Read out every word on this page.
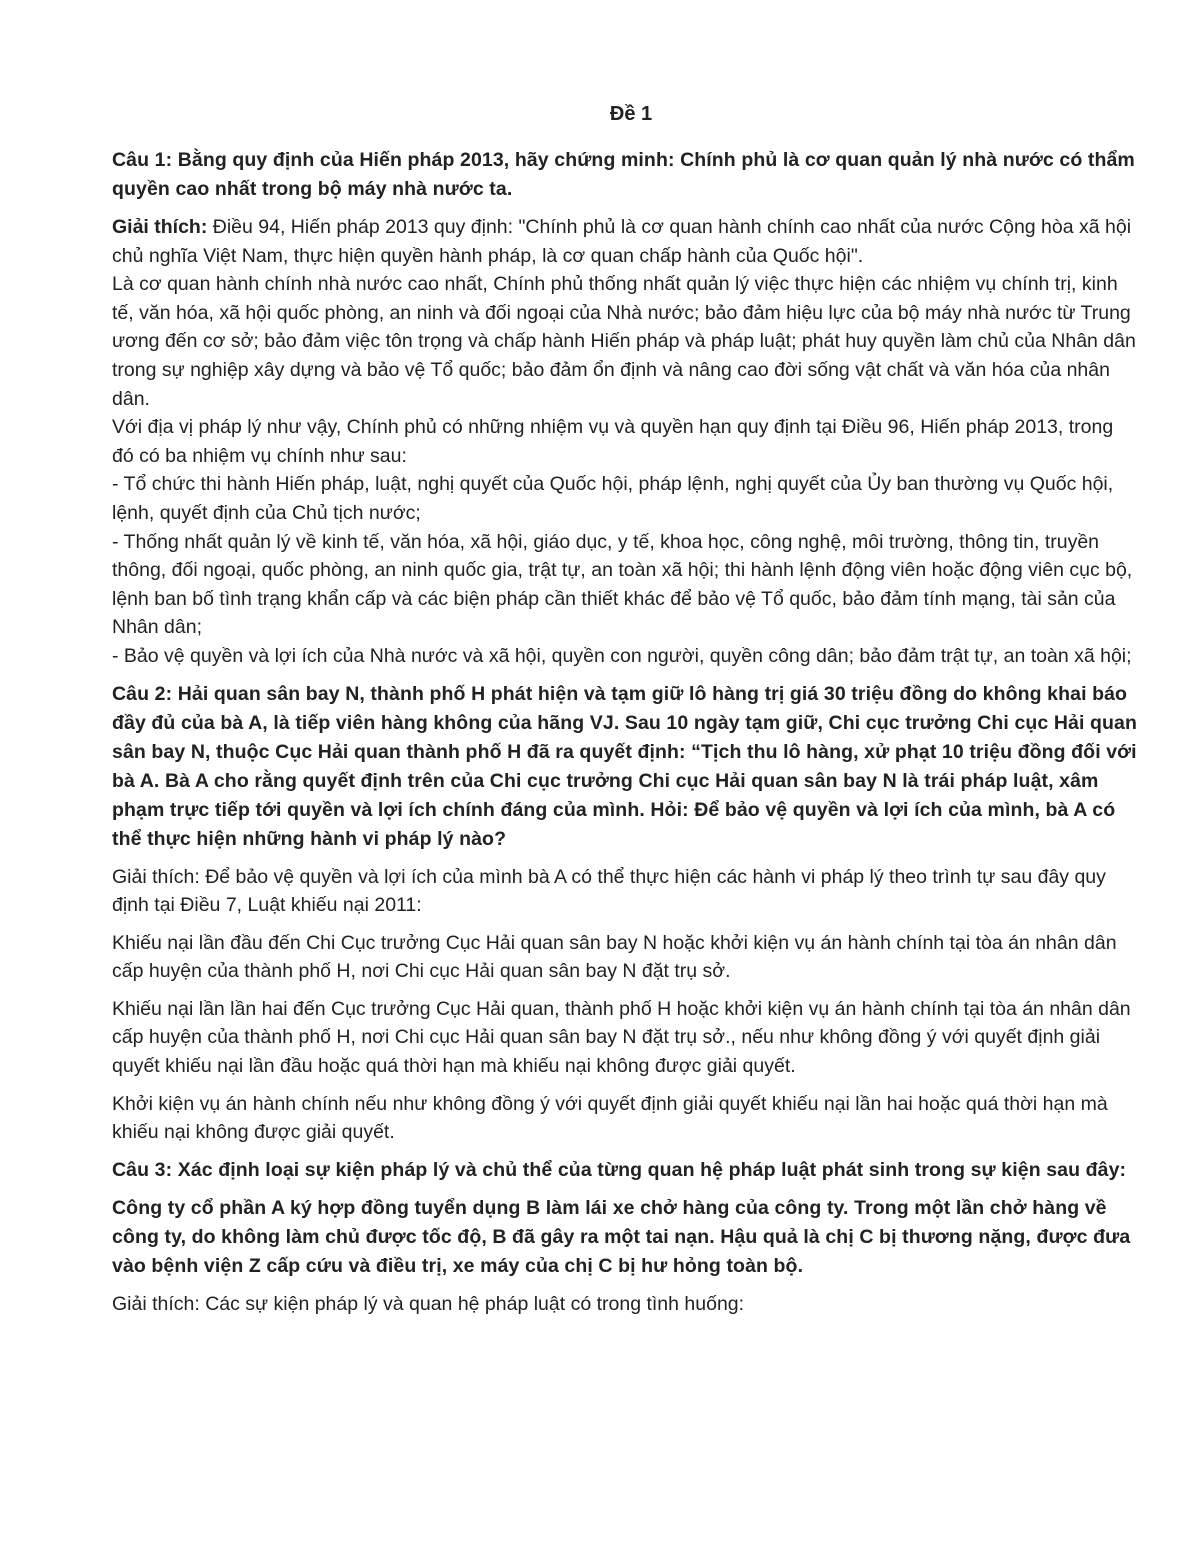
Đề 1
Câu 1: Bằng quy định của Hiến pháp 2013, hãy chứng minh: Chính phủ là cơ quan quản lý nhà nước có thẩm quyền cao nhất trong bộ máy nhà nước ta.
Giải thích: Điều 94, Hiến pháp 2013 quy định: "Chính phủ là cơ quan hành chính cao nhất của nước Cộng hòa xã hội chủ nghĩa Việt Nam, thực hiện quyền hành pháp, là cơ quan chấp hành của Quốc hội".
Là cơ quan hành chính nhà nước cao nhất, Chính phủ thống nhất quản lý việc thực hiện các nhiệm vụ chính trị, kinh tế, văn hóa, xã hội quốc phòng, an ninh và đối ngoại của Nhà nước; bảo đảm hiệu lực của bộ máy nhà nước từ Trung ương đến cơ sở; bảo đảm việc tôn trọng và chấp hành Hiến pháp và pháp luật; phát huy quyền làm chủ của Nhân dân trong sự nghiệp xây dựng và bảo vệ Tổ quốc; bảo đảm ổn định và nâng cao đời sống vật chất và văn hóa của nhân dân.
Với địa vị pháp lý như vậy, Chính phủ có những nhiệm vụ và quyền hạn quy định tại Điều 96, Hiến pháp 2013, trong đó có ba nhiệm vụ chính như sau:
- Tổ chức thi hành Hiến pháp, luật, nghị quyết của Quốc hội, pháp lệnh, nghị quyết của Ủy ban thường vụ Quốc hội, lệnh, quyết định của Chủ tịch nước;
- Thống nhất quản lý về kinh tế, văn hóa, xã hội, giáo dục, y tế, khoa học, công nghệ, môi trường, thông tin, truyền thông, đối ngoại, quốc phòng, an ninh quốc gia, trật tự, an toàn xã hội; thi hành lệnh động viên hoặc động viên cục bộ, lệnh ban bố tình trạng khẩn cấp và các biện pháp cần thiết khác để bảo vệ Tổ quốc, bảo đảm tính mạng, tài sản của Nhân dân;
- Bảo vệ quyền và lợi ích của Nhà nước và xã hội, quyền con người, quyền công dân; bảo đảm trật tự, an toàn xã hội;
Câu 2: Hải quan sân bay N, thành phố H phát hiện và tạm giữ lô hàng trị giá 30 triệu đồng do không khai báo đầy đủ của bà A, là tiếp viên hàng không của hãng VJ. Sau 10 ngày tạm giữ, Chi cục trưởng Chi cục Hải quan sân bay N, thuộc Cục Hải quan thành phố H đã ra quyết định: “Tịch thu lô hàng, xử phạt 10 triệu đồng đối với bà A. Bà A cho rằng quyết định trên của Chi cục trưởng Chi cục Hải quan sân bay N là trái pháp luật, xâm phạm trực tiếp tới quyền và lợi ích chính đáng của mình. Hỏi: Để bảo vệ quyền và lợi ích của mình, bà A có thể thực hiện những hành vi pháp lý nào?
Giải thích: Để bảo vệ quyền và lợi ích của mình bà A có thể thực hiện các hành vi pháp lý theo trình tự sau đây quy định tại Điều 7, Luật khiếu nại 2011:
Khiếu nại lần đầu đến Chi Cục trưởng Cục Hải quan sân bay N hoặc khởi kiện vụ án hành chính tại tòa án nhân dân cấp huyện của thành phố H, nơi Chi cục Hải quan sân bay N đặt trụ sở.
Khiếu nại lần lần hai đến Cục trưởng Cục Hải quan, thành phố H hoặc khởi kiện vụ án hành chính tại tòa án nhân dân cấp huyện của thành phố H, nơi Chi cục Hải quan sân bay N đặt trụ sở., nếu như không đồng ý với quyết định giải quyết khiếu nại lần đầu hoặc quá thời hạn mà khiếu nại không được giải quyết.
Khởi kiện vụ án hành chính nếu như không đồng ý với quyết định giải quyết khiếu nại lần hai hoặc quá thời hạn mà khiếu nại không được giải quyết.
Câu 3: Xác định loại sự kiện pháp lý và chủ thể của từng quan hệ pháp luật phát sinh trong sự kiện sau đây:
Công ty cổ phần A ký hợp đồng tuyển dụng B làm lái xe chở hàng của công ty. Trong một lần chở hàng về công ty, do không làm chủ được tốc độ, B đã gây ra một tai nạn. Hậu quả là chị C bị thương nặng, được đưa vào bệnh viện Z cấp cứu và điều trị, xe máy của chị C bị hư hỏng toàn bộ.
Giải thích: Các sự kiện pháp lý và quan hệ pháp luật có trong tình huống:
